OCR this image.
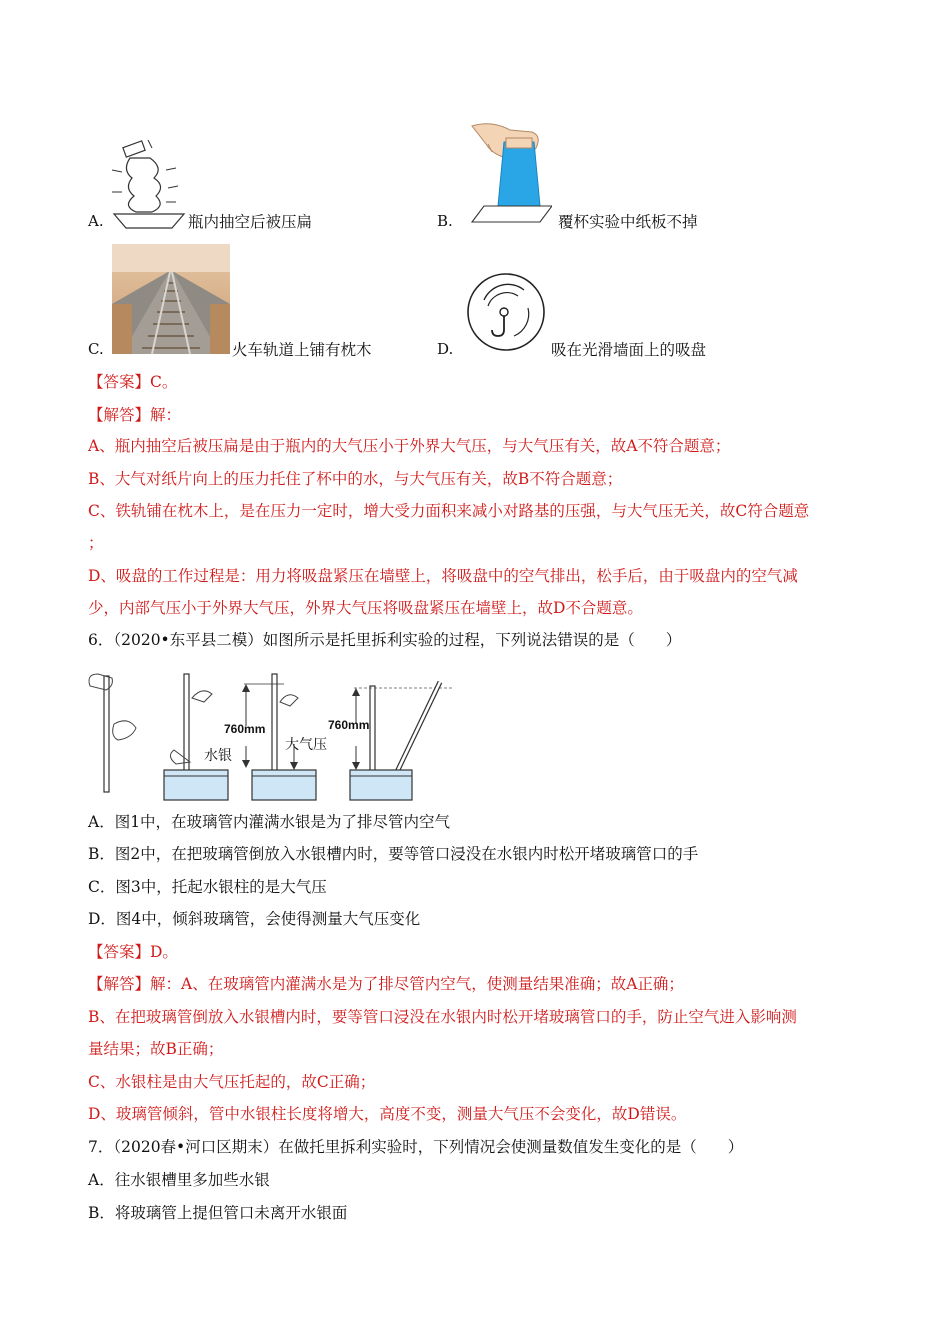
A.	瓶内抽空后被压扁	B.	覆杯实验中纸板不掉
C.	火车轨道上铺有枕木	D.	吸在光滑墙面上的吸盘
【答案】C。
【解答】解：
A、瓶内抽空后被压扁是由于瓶内的大气压小于外界大气压，与大气压有关，故A不符合题意；
B、大气对纸片向上的压力托住了杯中的水，与大气压有关，故B不符合题意；
C、铁轨铺在枕木上，是在压力一定时，增大受力面积来减小对路基的压强，与大气压无关，故C符合题意
；
D、吸盘的工作过程是：用力将吸盘紧压在墙壁上，将吸盘中的空气排出，松手后，由于吸盘内的空气减
少，内部气压小于外界大气压，外界大气压将吸盘紧压在墙壁上，故D不合题意。
6．（2020•东平县二模）如图所示是托里拆利实验的过程，下列说法错误的是（　　）
760mm	760mm
水银
大气压
A．图1中，在玻璃管内灌满水银是为了排尽管内空气
B．图2中，在把玻璃管倒放入水银槽内时，要等管口浸没在水银内时松开堵玻璃管口的手
C．图3中，托起水银柱的是大气压
D．图4中，倾斜玻璃管，会使得测量大气压变化
【答案】D。
【解答】解：A、在玻璃管内灌满水是为了排尽管内空气，使测量结果准确；故A正确；
B、在把玻璃管倒放入水银槽内时，要等管口浸没在水银内时松开堵玻璃管口的手，防止空气进入影响测
量结果；故B正确；
C、水银柱是由大气压托起的，故C正确；
D、玻璃管倾斜，管中水银柱长度将增大，高度不变，测量大气压不会变化，故D错误。
7．（2020春•河口区期末）在做托里拆利实验时，下列情况会使测量数值发生变化的是（　　）
A．往水银槽里多加些水银
B．将玻璃管上提但管口未离开水银面
